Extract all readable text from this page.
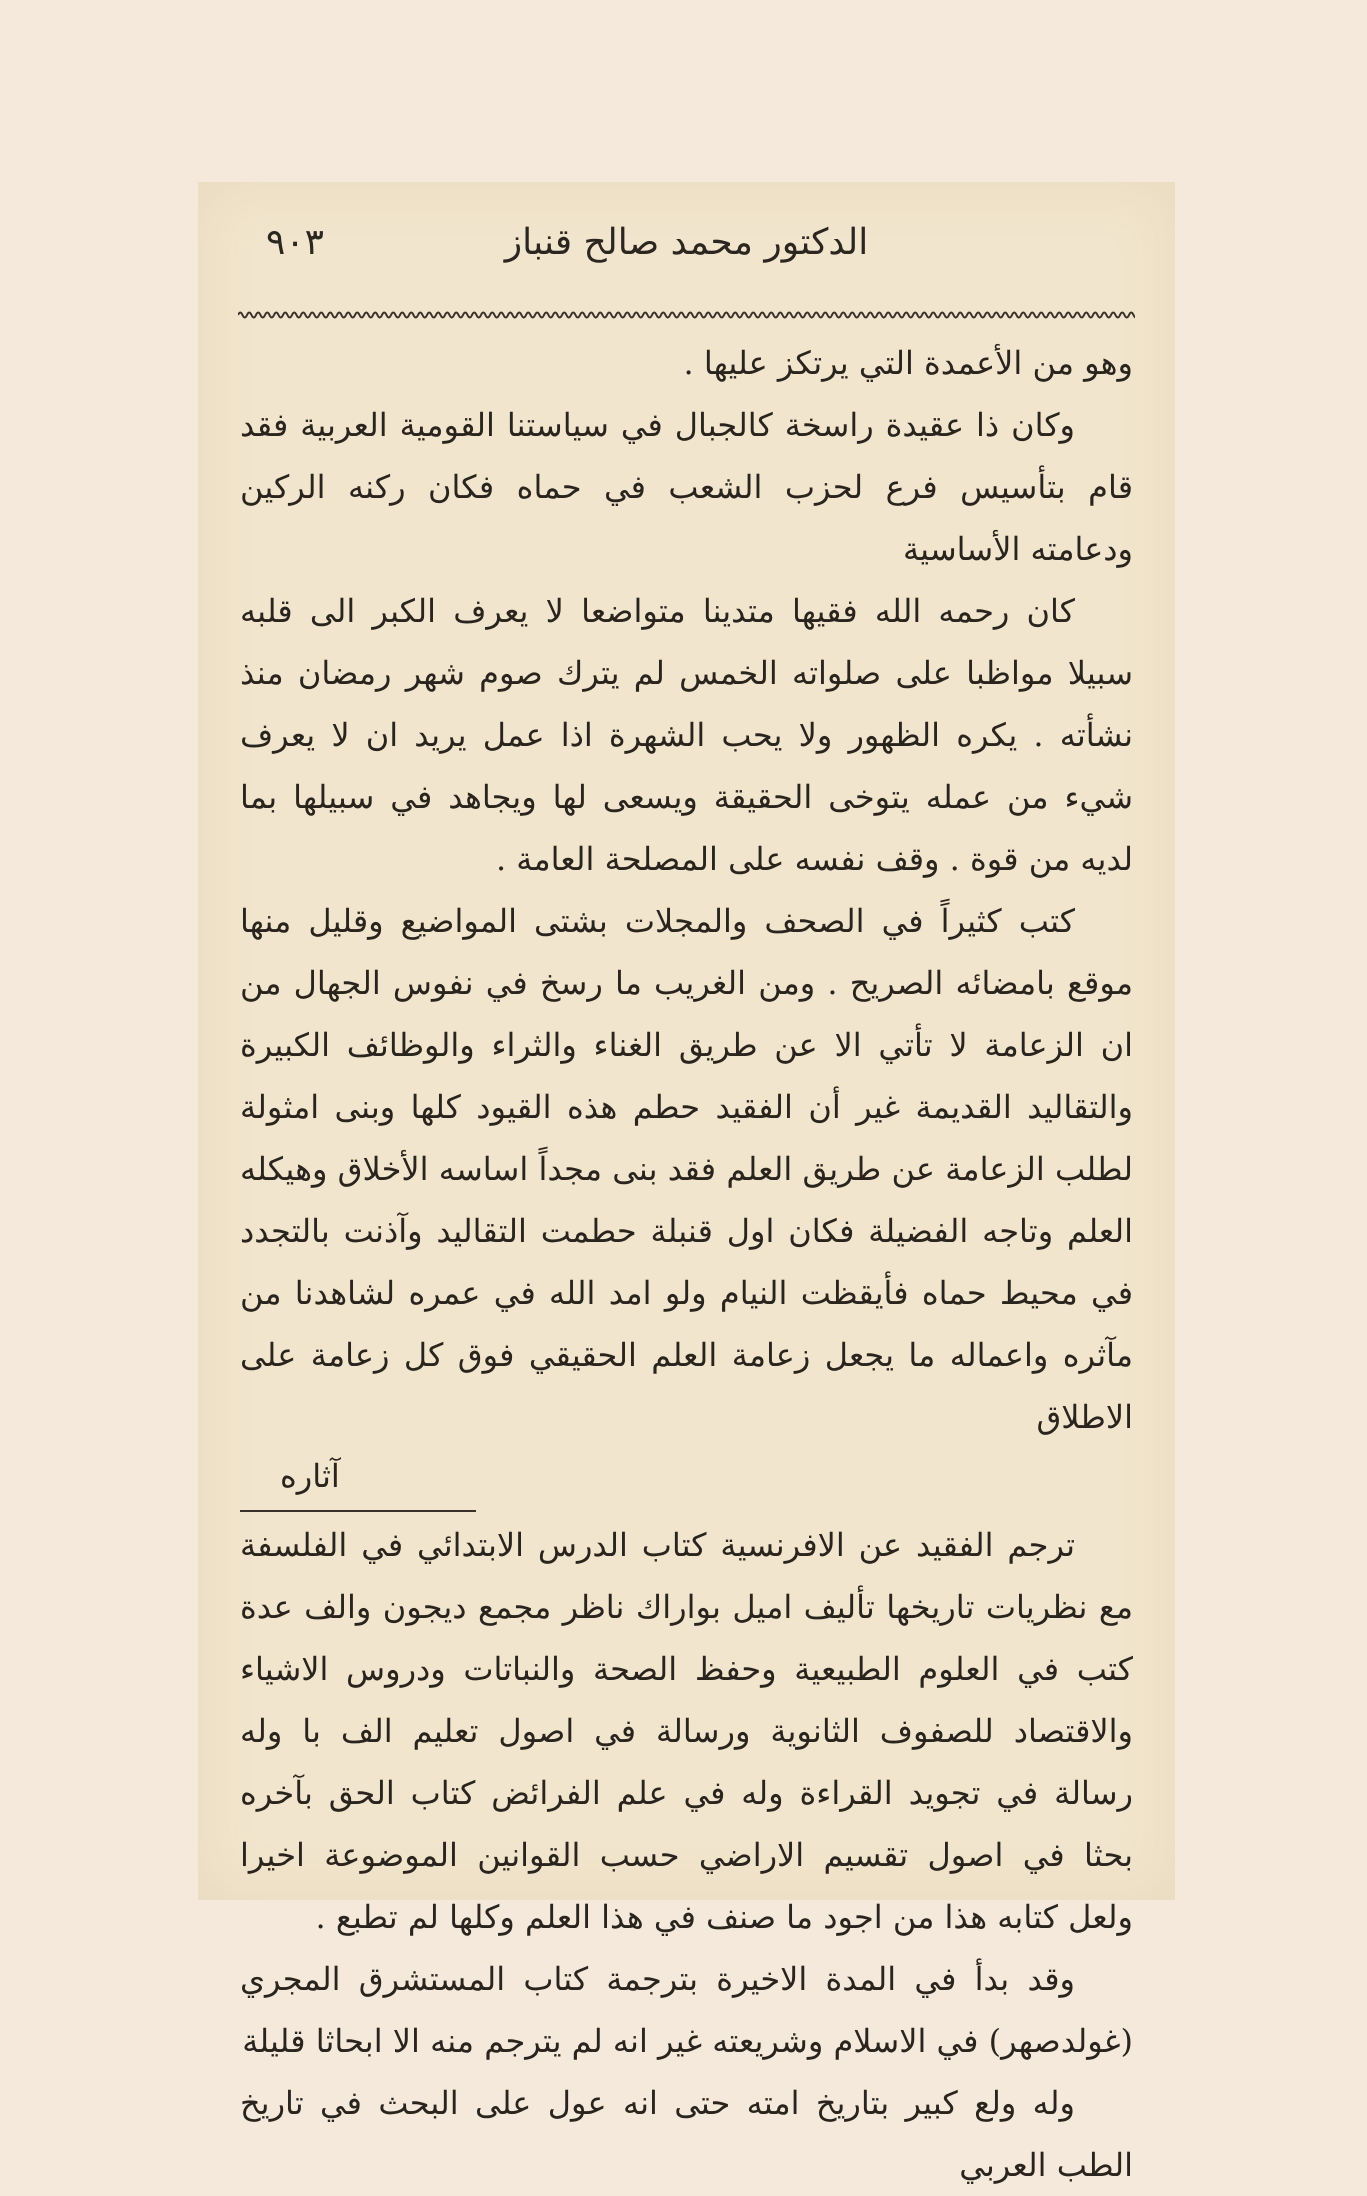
٩٠٣	الدكتور محمد صالح قنباز

وهو من الأعمدة التي يرتكز عليها .

وكان ذا عقيدة راسخة كالجبال في سياستنا القومية العربية فقد قام بتأسيس فرع لحزب الشعب في حماه فكان ركنه الركين ودعامته الأساسية

كان رحمه الله فقيها متدينا متواضعا لا يعرف الكبر الى قلبه سبيلا مواظبا على صلواته الخمس لم يترك صوم شهر رمضان منذ نشأته . يكره الظهور ولا يحب الشهرة اذا عمل يريد ان لا يعرف شيء من عمله يتوخى الحقيقة ويسعى لها ويجاهد في سبيلها بما لديه من قوة . وقف نفسه على المصلحة العامة .

كتب كثيراً في الصحف والمجلات بشتى المواضيع وقليل منها موقع بامضائه الصريح . ومن الغريب ما رسخ في نفوس الجهال من ان الزعامة لا تأتي الا عن طريق الغناء والثراء والوظائف الكبيرة والتقاليد القديمة غير أن الفقيد حطم هذه القيود كلها وبنى امثولة لطلب الزعامة عن طريق العلم فقد بنى مجداً اساسه الأخلاق وهيكله العلم وتاجه الفضيلة فكان اول قنبلة حطمت التقاليد وآذنت بالتجدد في محيط حماه فأيقظت النيام ولو امد الله في عمره لشاهدنا من مآثره واعماله ما يجعل زعامة العلم الحقيقي فوق كل زعامة على الاطلاق

آثاره

ترجم الفقيد عن الافرنسية كتاب الدرس الابتدائي في الفلسفة مع نظريات تاريخها تأليف اميل بواراك ناظر مجمع ديجون والف عدة كتب في العلوم الطبيعية وحفظ الصحة والنباتات ودروس الاشياء والاقتصاد للصفوف الثانوية ورسالة في اصول تعليم الف با وله رسالة في تجويد القراءة وله في علم الفرائض كتاب الحق بآخره بحثا في اصول تقسيم الاراضي حسب القوانين الموضوعة اخيرا ولعل كتابه هذا من اجود ما صنف في هذا العلم وكلها لم تطبع .

وقد بدأ في المدة الاخيرة بترجمة كتاب المستشرق المجري (غولدصهر) في الاسلام وشريعته غير انه لم يترجم منه الا ابحاثا قليلة

وله ولع كبير بتاريخ امته حتى انه عول على البحث في تاريخ الطب العربي
